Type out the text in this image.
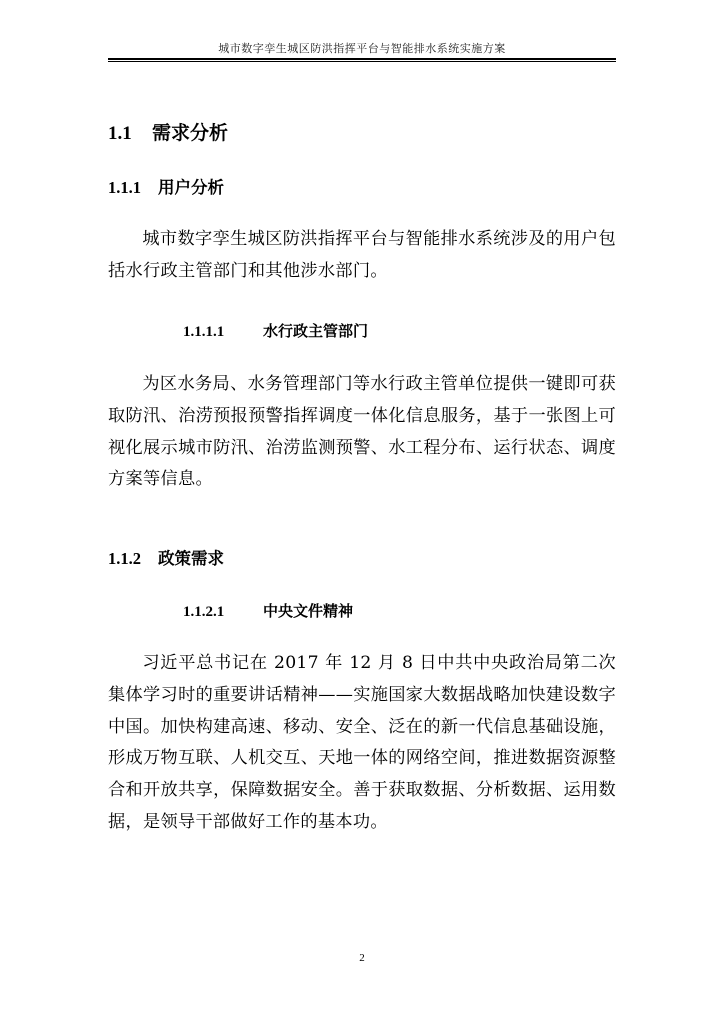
城市数字孪生城区防洪指挥平台与智能排水系统实施方案
1.1 需求分析
1.1.1 用户分析

城市数字孪生城区防洪指挥平台与智能排水系统涉及的用户包括水行政主管部门和其他涉水部门。

1.1.1.1	水行政主管部门

为区水务局、水务管理部门等水行政主管单位提供一键即可获取防汛、治涝预报预警指挥调度一体化信息服务，基于一张图上可视化展示城市防汛、治涝监测预警、水工程分布、运行状态、调度方案等信息。

1.1.2 政策需求
1.1.2.1	中央文件精神

习近平总书记在 2017 年 12 月 8 日中共中央政治局第二次集体学习时的重要讲话精神——实施国家大数据战略加快建设数字中国。加快构建高速、移动、安全、泛在的新一代信息基础设施，形成万物互联、人机交互、天地一体的网络空间，推进数据资源整合和开放共享，保障数据安全。善于获取数据、分析数据、运用数据，是领导干部做好工作的基本功。

2
